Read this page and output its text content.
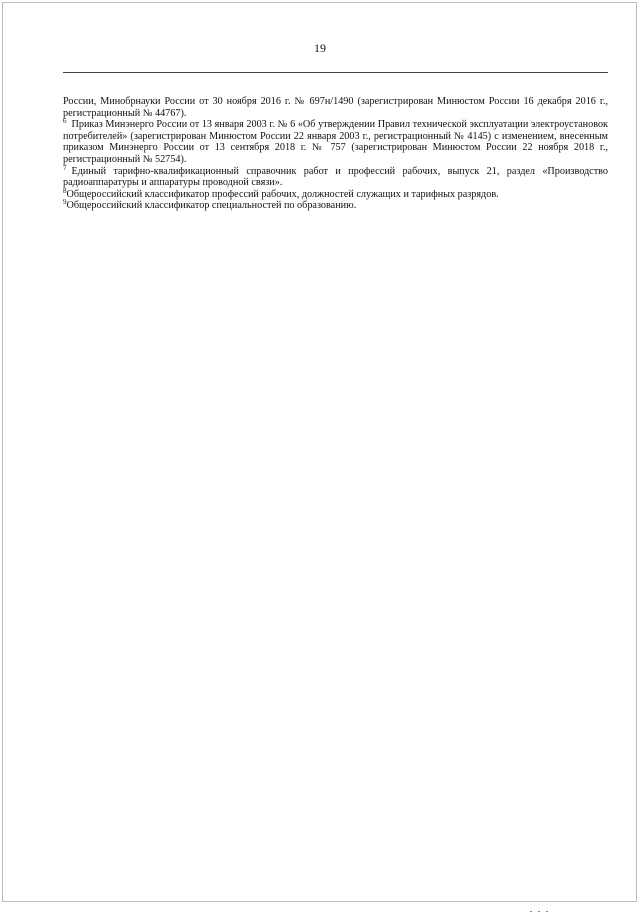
19

России, Минобрнауки России от 30 ноября 2016 г. № 697н/1490 (зарегистрирован Минюстом России 16 декабря 2016 г., регистрационный № 44767).

$^6$ Приказ Минэнерго России от 13 января 2003 г. № 6 «Об утверждении Правил технической эксплуатации электроустановок потребителей» (зарегистрирован Минюстом России 22 января 2003 г., регистрационный № 4145) с изменением, внесенным приказом Минэнерго России от 13 сентября 2018 г. № 757 (зарегистрирован Минюстом России 22 ноября 2018 г., регистрационный № 52754).

$^7$ Единый тарифно-квалификационный справочник работ и профессий рабочих, выпуск 21, раздел «Производство радиоаппаратуры и аппаратуры проводной связи».

$^8$Общероссийский классификатор профессий рабочих, должностей служащих и тарифных разрядов.

$^9$Общероссийский классификатор специальностей по образованию.
